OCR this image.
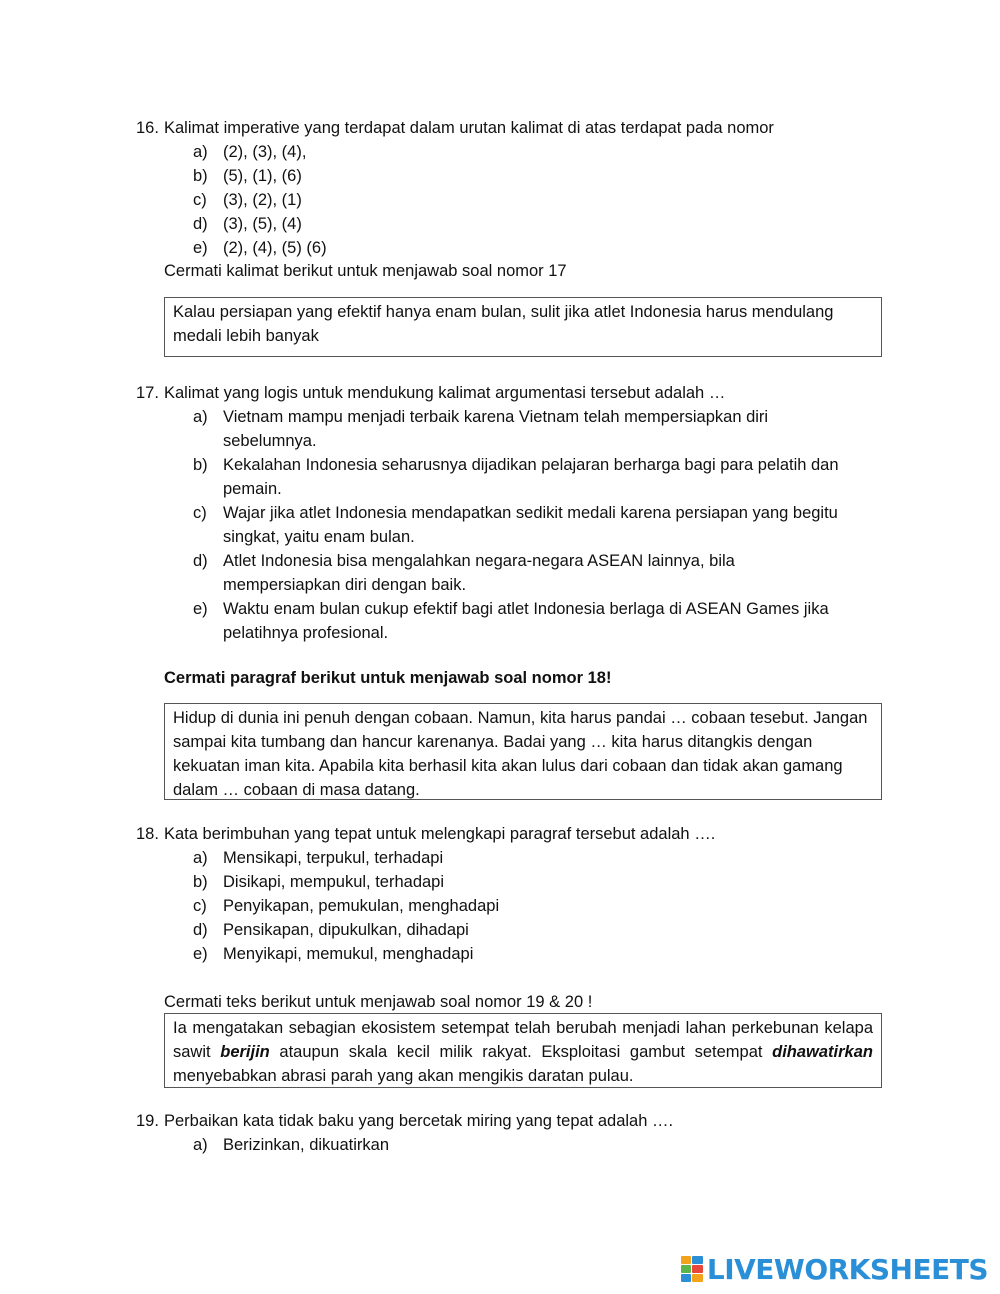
16. Kalimat imperative yang terdapat dalam urutan kalimat di atas terdapat pada nomor
a) (2), (3), (4),
b) (5), (1), (6)
c) (3), (2), (1)
d) (3), (5), (4)
e) (2), (4), (5) (6)
Cermati kalimat berikut untuk menjawab soal nomor 17
Kalau persiapan yang efektif hanya enam bulan, sulit jika atlet Indonesia harus mendulang medali lebih banyak
17. Kalimat yang logis untuk mendukung kalimat argumentasi tersebut adalah …
a) Vietnam mampu menjadi terbaik karena Vietnam telah mempersiapkan diri sebelumnya.
b) Kekalahan Indonesia seharusnya dijadikan pelajaran berharga bagi para pelatih dan pemain.
c) Wajar jika atlet Indonesia mendapatkan sedikit medali karena persiapan yang begitu singkat, yaitu enam bulan.
d) Atlet Indonesia bisa mengalahkan negara-negara ASEAN lainnya, bila mempersiapkan diri dengan baik.
e) Waktu enam bulan cukup efektif bagi atlet Indonesia berlaga di ASEAN Games jika pelatihnya profesional.
Cermati paragraf berikut untuk menjawab soal nomor 18!
Hidup di dunia ini penuh dengan cobaan. Namun, kita harus pandai … cobaan tesebut. Jangan sampai kita tumbang dan hancur karenanya. Badai yang … kita harus ditangkis dengan kekuatan iman kita. Apabila kita berhasil kita akan lulus dari cobaan dan tidak akan gamang dalam … cobaan di masa datang.
18. Kata berimbuhan yang tepat untuk melengkapi paragraf tersebut adalah ….
a) Mensikapi, terpukul, terhadapi
b) Disikapi, mempukul, terhadapi
c) Penyikapan, pemukulan, menghadapi
d) Pensikapan, dipukulkan, dihadapi
e) Menyikapi, memukul, menghadapi
Cermati teks berikut untuk menjawab soal nomor 19 & 20 !
Ia mengatakan sebagian ekosistem setempat telah berubah menjadi lahan perkebunan kelapa sawit berijin ataupun skala kecil milik rakyat. Eksploitasi gambut setempat dihawatirkan menyebabkan abrasi parah yang akan mengikis daratan pulau.
19. Perbaikan kata tidak baku yang bercetak miring yang tepat adalah ….
a) Berizinkan, dikuatirkan
LIVEWORKSHEETS
